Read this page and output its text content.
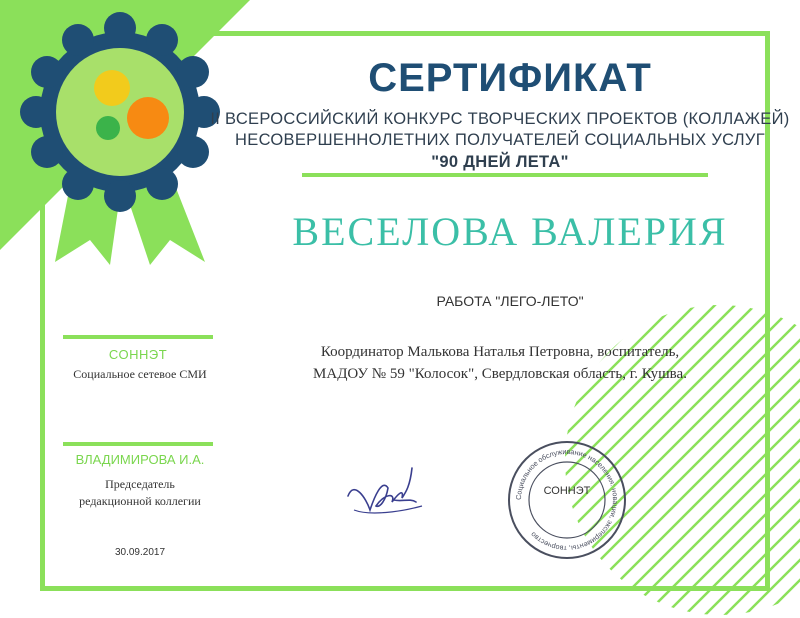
СЕРТИФИКАТ
II ВСЕРОССИЙСКИЙ КОНКУРС ТВОРЧЕСКИХ ПРОЕКТОВ (КОЛЛАЖЕЙ)
НЕСОВЕРШЕННОЛЕТНИХ ПОЛУЧАТЕЛЕЙ СОЦИАЛЬНЫХ УСЛУГ
"90 ДНЕЙ ЛЕТА"
ВЕСЕЛОВА ВАЛЕРИЯ
РАБОТА "ЛЕГО-ЛЕТО"
Координатор Малькова Наталья Петровна, воспитатель,
МАДОУ № 59 "Колосок", Свердловская область, г. Кушва.
СОННЭТ
Социальное сетевое СМИ
ВЛАДИМИРОВА И.А.
Председатель
редакционной коллегии
30.09.2017
Социальное обслуживание населения: новации, эксперименты, творчество
СОННЭТ
